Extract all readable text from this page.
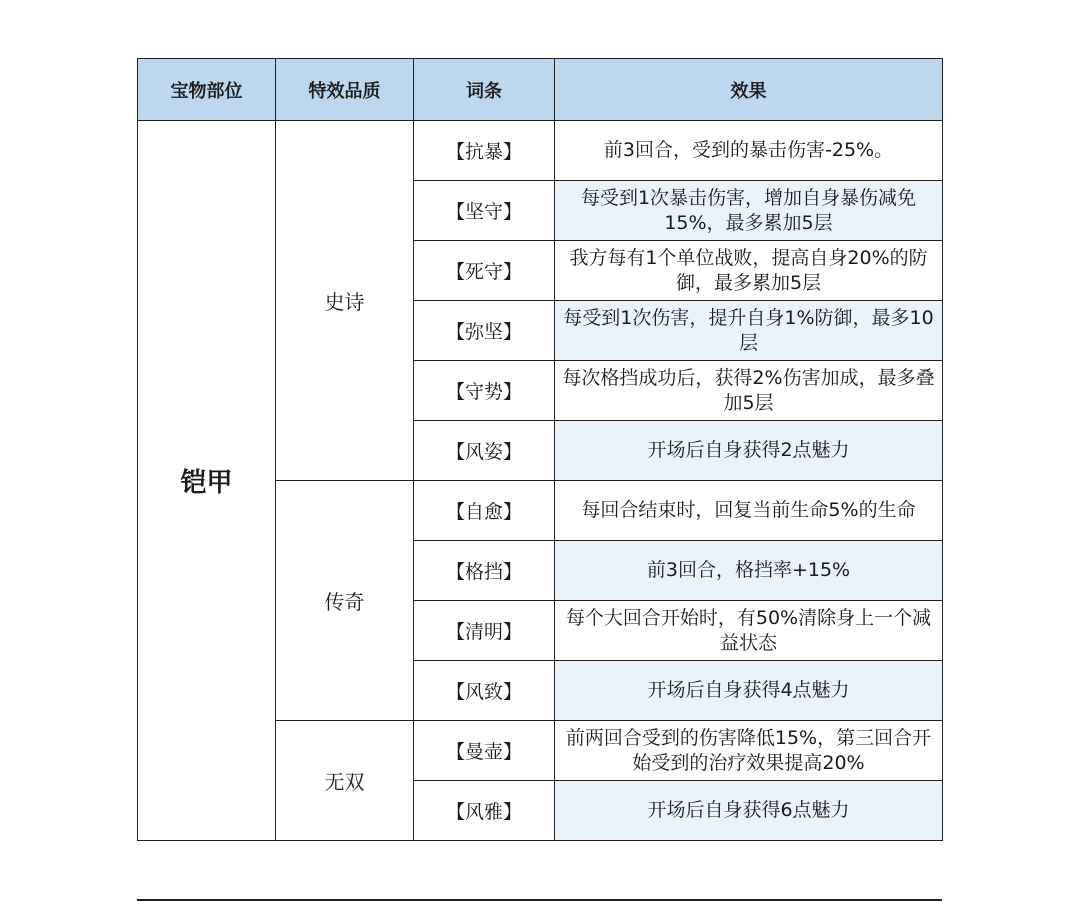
宝物部位	特效品质	词条	效果
铠甲	史诗	【抗暴】	前3回合，受到的暴击伤害-25%。
		【坚守】	每受到1次暴击伤害，增加自身暴伤减免15%，最多累加5层
		【死守】	我方每有1个单位战败，提高自身20%的防御，最多累加5层
		【弥坚】	每受到1次伤害，提升自身1%防御，最多10层
		【守势】	每次格挡成功后，获得2%伤害加成，最多叠加5层
		【风姿】	开场后自身获得2点魅力
	传奇	【自愈】	每回合结束时，回复当前生命5%的生命
		【格挡】	前3回合，格挡率+15%
		【清明】	每个大回合开始时，有50%清除身上一个减益状态
		【风致】	开场后自身获得4点魅力
	无双	【曼壶】	前两回合受到的伤害降低15%，第三回合开始受到的治疗效果提高20%
		【风雅】	开场后自身获得6点魅力
